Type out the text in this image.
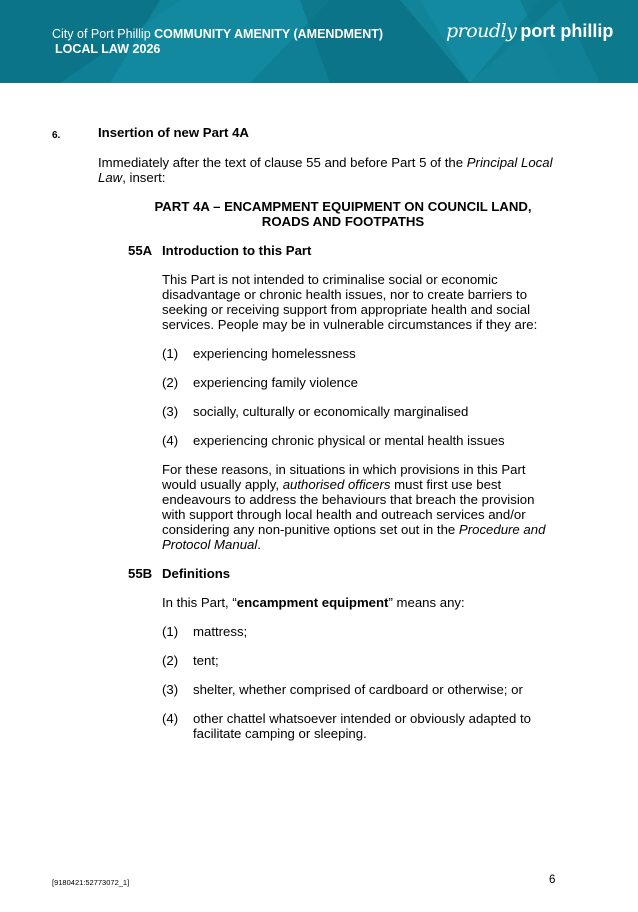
City of Port Phillip COMMUNITY AMENITY (AMENDMENT)
LOCAL LAW 2026
proudly port phillip
6.	Insertion of new Part 4A
Immediately after the text of clause 55 and before Part 5 of the Principal Local
Law, insert:
PART 4A – ENCAMPMENT EQUIPMENT ON COUNCIL LAND,
ROADS AND FOOTPATHS
55A Introduction to this Part
This Part is not intended to criminalise social or economic
disadvantage or chronic health issues, nor to create barriers to
seeking or receiving support from appropriate health and social
services. People may be in vulnerable circumstances if they are:
(1) experiencing homelessness
(2) experiencing family violence
(3) socially, culturally or economically marginalised
(4) experiencing chronic physical or mental health issues
For these reasons, in situations in which provisions in this Part
would usually apply, authorised officers must first use best
endeavours to address the behaviours that breach the provision
with support through local health and outreach services and/or
considering any non-punitive options set out in the Procedure and
Protocol Manual.
55B Definitions
In this Part, “encampment equipment” means any:
(1) mattress;
(2) tent;
(3) shelter, whether comprised of cardboard or otherwise; or
(4) other chattel whatsoever intended or obviously adapted to
facilitate camping or sleeping.
[9180421:52773072_1]	6
